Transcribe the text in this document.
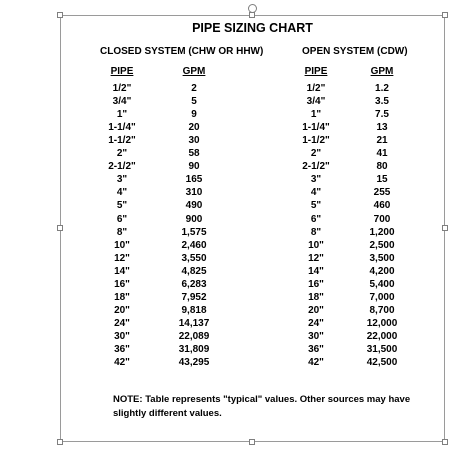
PIPE SIZING CHART
CLOSED SYSTEM (CHW OR HHW)	OPEN SYSTEM (CDW)
PIPE	GPM	PIPE	GPM
1/2"	2	1/2"	1.2
3/4"	5	3/4"	3.5
1"	9	1"	7.5
1-1/4"	20	1-1/4"	13
1-1/2"	30	1-1/2"	21
2"	58	2"	41
2-1/2"	90	2-1/2"	80
3"	165	3"	15
4"	310	4"	255
5"	490	5"	460
6"	900	6"	700
8"	1,575	8"	1,200
10"	2,460	10"	2,500
12"	3,550	12"	3,500
14"	4,825	14"	4,200
16"	6,283	16"	5,400
18"	7,952	18"	7,000
20"	9,818	20"	8,700
24"	14,137	24"	12,000
30"	22,089	30"	22,000
36"	31,809	36"	31,500
42"	43,295	42"	42,500
NOTE: Table represents "typical" values. Other sources may have slightly different values.
